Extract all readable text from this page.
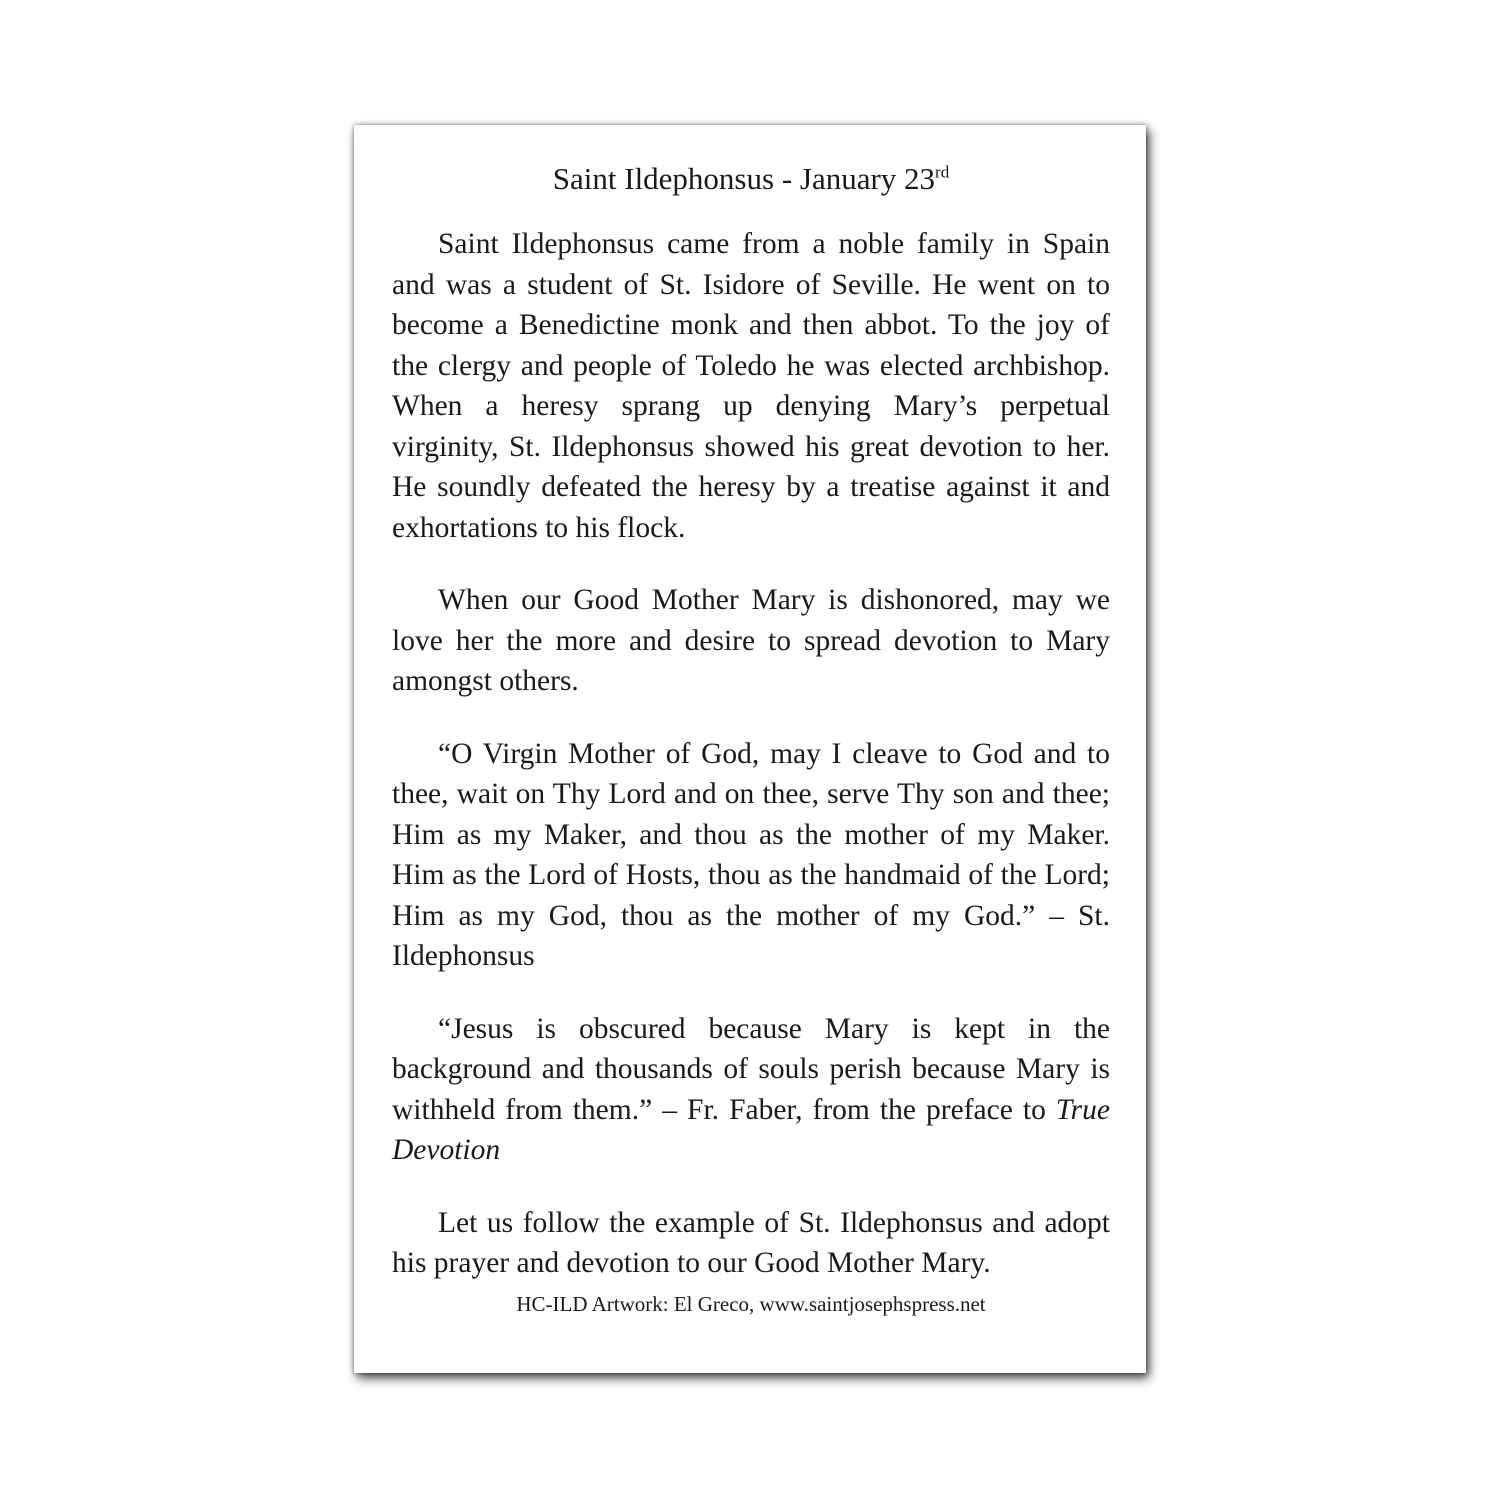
Saint Ildephonsus - January 23rd

Saint Ildephonsus came from a noble family in Spain and was a student of St. Isidore of Seville. He went on to become a Benedictine monk and then abbot. To the joy of the clergy and people of Toledo he was elected archbishop. When a heresy sprang up denying Mary’s perpetual virginity, St. Ildephonsus showed his great devotion to her. He soundly defeated the heresy by a treatise against it and exhortations to his flock.

When our Good Mother Mary is dishonored, may we love her the more and desire to spread devotion to Mary amongst others.

“O Virgin Mother of God, may I cleave to God and to thee, wait on Thy Lord and on thee, serve Thy son and thee; Him as my Maker, and thou as the mother of my Maker. Him as the Lord of Hosts, thou as the handmaid of the Lord; Him as my God, thou as the mother of my God.” – St. Ildephonsus

“Jesus is obscured because Mary is kept in the background and thousands of souls perish because Mary is withheld from them.” – Fr. Faber, from the preface to True Devotion

Let us follow the example of St. Ildephonsus and adopt his prayer and devotion to our Good Mother Mary.

HC-ILD Artwork: El Greco, www.saintjosephspress.net
